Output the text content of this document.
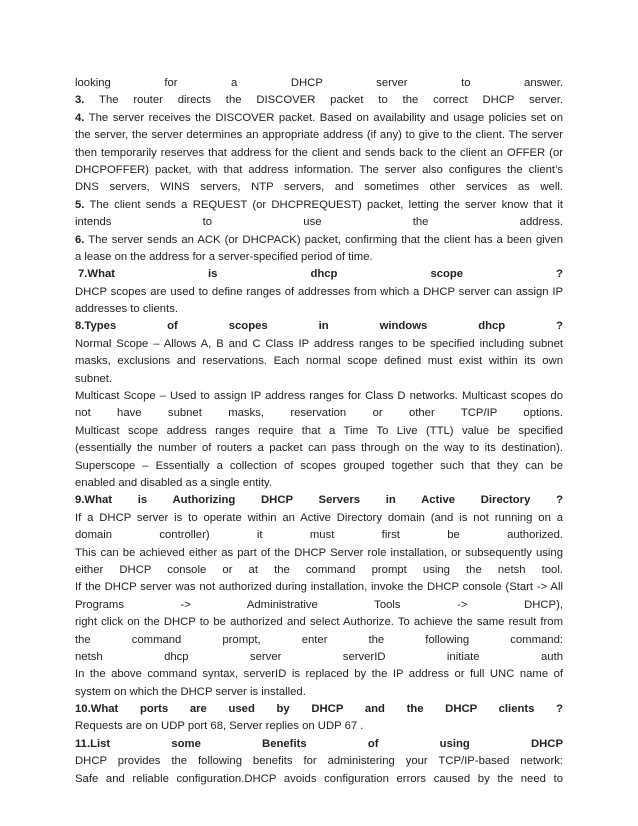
looking for a DHCP server to answer.
3. The router directs the DISCOVER packet to the correct DHCP server.
4. The server receives the DISCOVER packet. Based on availability and usage policies set on
the server, the server determines an appropriate address (if any) to give to the client. The server
then temporarily reserves that address for the client and sends back to the client an OFFER (or
DHCPOFFER) packet, with that address information. The server also configures the client’s
DNS servers, WINS servers, NTP servers, and sometimes other services as well.
5. The client sends a REQUEST (or DHCPREQUEST) packet, letting the server know that it
intends to use the address.
6. The server sends an ACK (or DHCPACK) packet, confirming that the client has a been given
a lease on the address for a server-specified period of time.
7.What is dhcp scope ?
DHCP scopes are used to define ranges of addresses from which a DHCP server can assign IP
addresses to clients.
8.Types of scopes in windows dhcp ?
Normal Scope – Allows A, B and C Class IP address ranges to be specified including subnet
masks, exclusions and reservations. Each normal scope defined must exist within its own
subnet.
Multicast Scope – Used to assign IP address ranges for Class D networks. Multicast scopes do
not have subnet masks, reservation or other TCP/IP options.
Multicast scope address ranges require that a Time To Live (TTL) value be specified
(essentially the number of routers a packet can pass through on the way to its destination).
Superscope – Essentially a collection of scopes grouped together such that they can be
enabled and disabled as a single entity.
9.What is Authorizing DHCP Servers in Active Directory ?
If a DHCP server is to operate within an Active Directory domain (and is not running on a
domain controller) it must first be authorized.
This can be achieved either as part of the DHCP Server role installation, or subsequently using
either DHCP console or at the command prompt using the netsh tool.
If the DHCP server was not authorized during installation, invoke the DHCP console (Start -> All
Programs -> Administrative Tools -> DHCP),
right click on the DHCP to be authorized and select Authorize. To achieve the same result from
the command prompt, enter the following command:
netsh dhcp server serverID initiate auth
In the above command syntax, serverID is replaced by the IP address or full UNC name of
system on which the DHCP server is installed.
10.What ports are used by DHCP and the DHCP clients ?
Requests are on UDP port 68, Server replies on UDP 67 .
11.List some Benefits of using DHCP
DHCP provides the following benefits for administering your TCP/IP-based network:
Safe and reliable configuration.DHCP avoids configuration errors caused by the need to
